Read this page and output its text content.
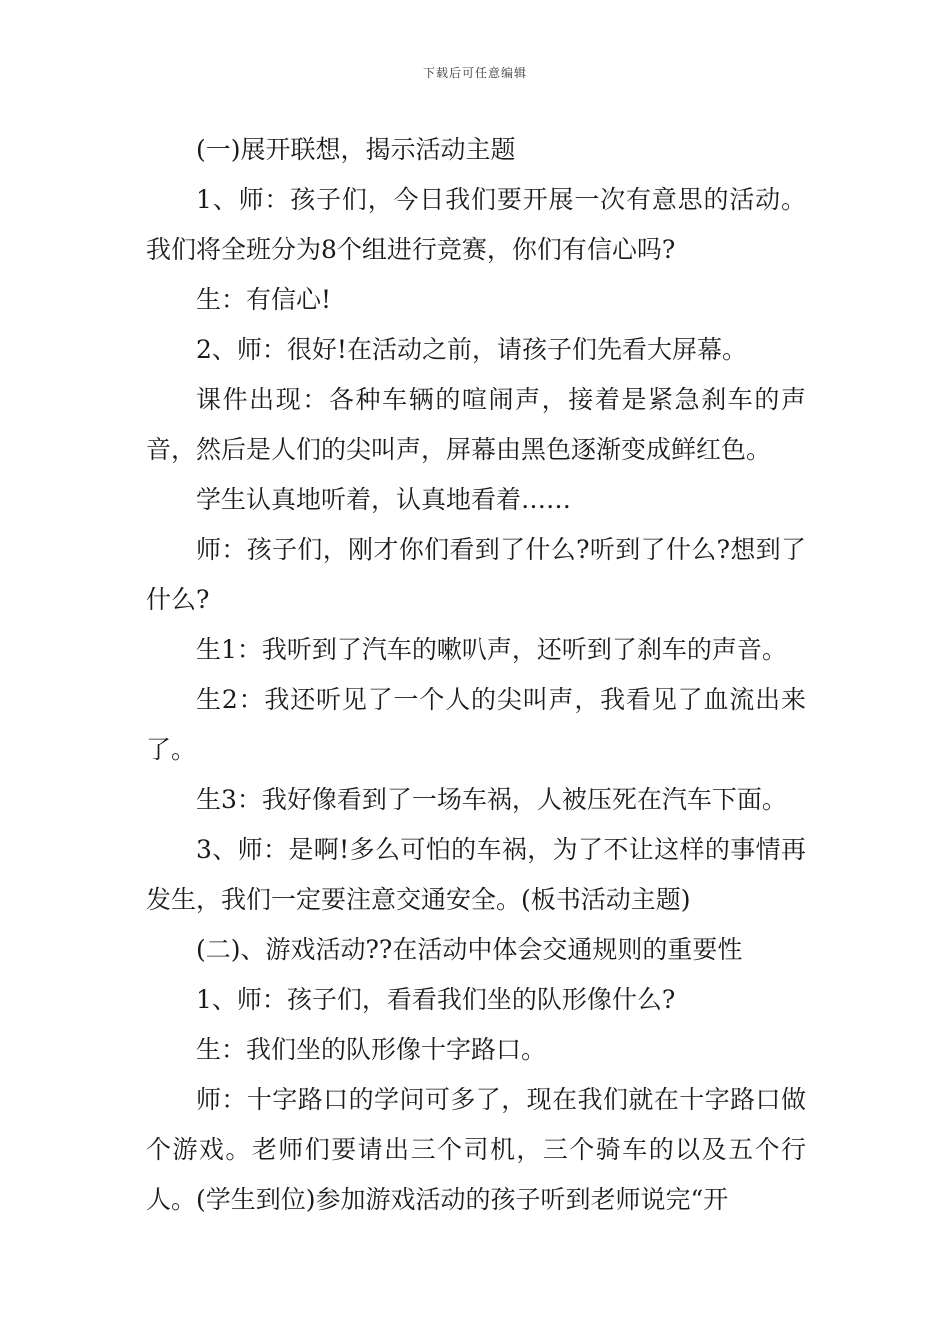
下载后可任意编辑

(一)展开联想，揭示活动主题

1、师：孩子们，今日我们要开展一次有意思的活动。我们将全班分为8个组进行竞赛，你们有信心吗?

生：有信心!

2、师：很好!在活动之前，请孩子们先看大屏幕。

课件出现：各种车辆的喧闹声，接着是紧急刹车的声音，然后是人们的尖叫声，屏幕由黑色逐渐变成鲜红色。

学生认真地听着，认真地看着……

师：孩子们，刚才你们看到了什么?听到了什么?想到了什么?

生1：我听到了汽车的嗽叭声，还听到了刹车的声音。

生2：我还听见了一个人的尖叫声，我看见了血流出来了。

生3：我好像看到了一场车祸，人被压死在汽车下面。

3、师：是啊!多么可怕的车祸，为了不让这样的事情再发生，我们一定要注意交通安全。(板书活动主题)

(二)、游戏活动??在活动中体会交通规则的重要性

1、师：孩子们，看看我们坐的队形像什么?

生：我们坐的队形像十字路口。

师：十字路口的学问可多了，现在我们就在十字路口做个游戏。老师们要请出三个司机，三个骑车的以及五个行人。(学生到位)参加游戏活动的孩子听到老师说完“开
